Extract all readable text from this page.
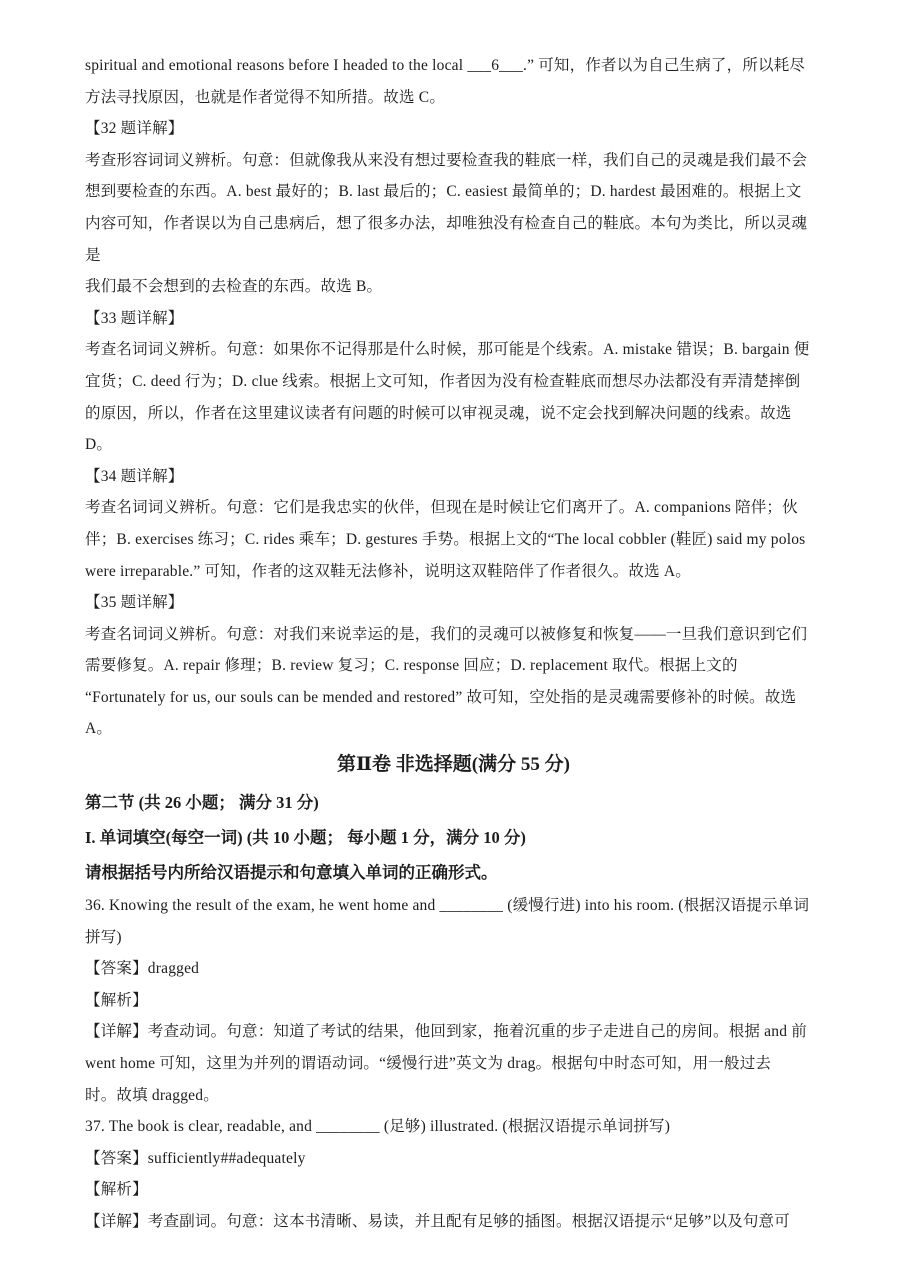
spiritual and emotional reasons before I headed to the local ___6___.” 可知，作者以为自己生病了，所以耗尽
方法寻找原因，也就是作者觉得不知所措。故选 C。
【32 题详解】
考查形容词词义辨析。句意：但就像我从来没有想过要检查我的鞋底一样，我们自己的灵魂是我们最不会
想到要检查的东西。A. best 最好的；B. last 最后的；C. easiest 最简单的；D. hardest 最困难的。根据上文
内容可知，作者误以为自己患病后，想了很多办法，却唯独没有检查自己的鞋底。本句为类比，所以灵魂
是
我们最不会想到的去检查的东西。故选 B。
【33 题详解】
考查名词词义辨析。句意：如果你不记得那是什么时候，那可能是个线索。A. mistake 错误；B. bargain 便
宜货；C. deed 行为；D. clue 线索。根据上文可知，作者因为没有检查鞋底而想尽办法都没有弄清楚摔倒
的原因，所以，作者在这里建议读者有问题的时候可以审视灵魂，说不定会找到解决问题的线索。故选
D。
【34 题详解】
考查名词词义辨析。句意：它们是我忠实的伙伴，但现在是时候让它们离开了。A. companions 陪伴；伙
伴；B. exercises 练习；C. rides 乘车；D. gestures 手势。根据上文的“The local cobbler (鞋匠) said my polos
were irreparable.” 可知，作者的这双鞋无法修补，说明这双鞋陪伴了作者很久。故选 A。
【35 题详解】
考查名词词义辨析。句意：对我们来说幸运的是，我们的灵魂可以被修复和恢复——一旦我们意识到它们
需要修复。A. repair 修理；B. review 复习；C. response 回应；D. replacement 取代。根据上文的
“Fortunately for us, our souls can be mended and restored” 故可知，空处指的是灵魂需要修补的时候。故选
A。
第Ⅱ卷 非选择题(满分 55 分)
第二节 (共 26 小题； 满分 31 分)
I. 单词填空(每空一词) (共 10 小题； 每小题 1 分，满分 10 分)
请根据括号内所给汉语提示和句意填入单词的正确形式。
36. Knowing the result of the exam, he went home and ________ (缓慢行进) into his room. (根据汉语提示单词
拼写)
【答案】dragged
【解析】
【详解】考查动词。句意：知道了考试的结果，他回到家，拖着沉重的步子走进自己的房间。根据 and 前
went home 可知，这里为并列的谓语动词。“缓慢行进”英文为 drag。根据句中时态可知，用一般过去
时。故填 dragged。
37. The book is clear, readable, and ________ (足够) illustrated. (根据汉语提示单词拼写)
【答案】sufficiently##adequately
【解析】
【详解】考查副词。句意：这本书清晰、易读，并且配有足够的插图。根据汉语提示“足够”以及句意可
